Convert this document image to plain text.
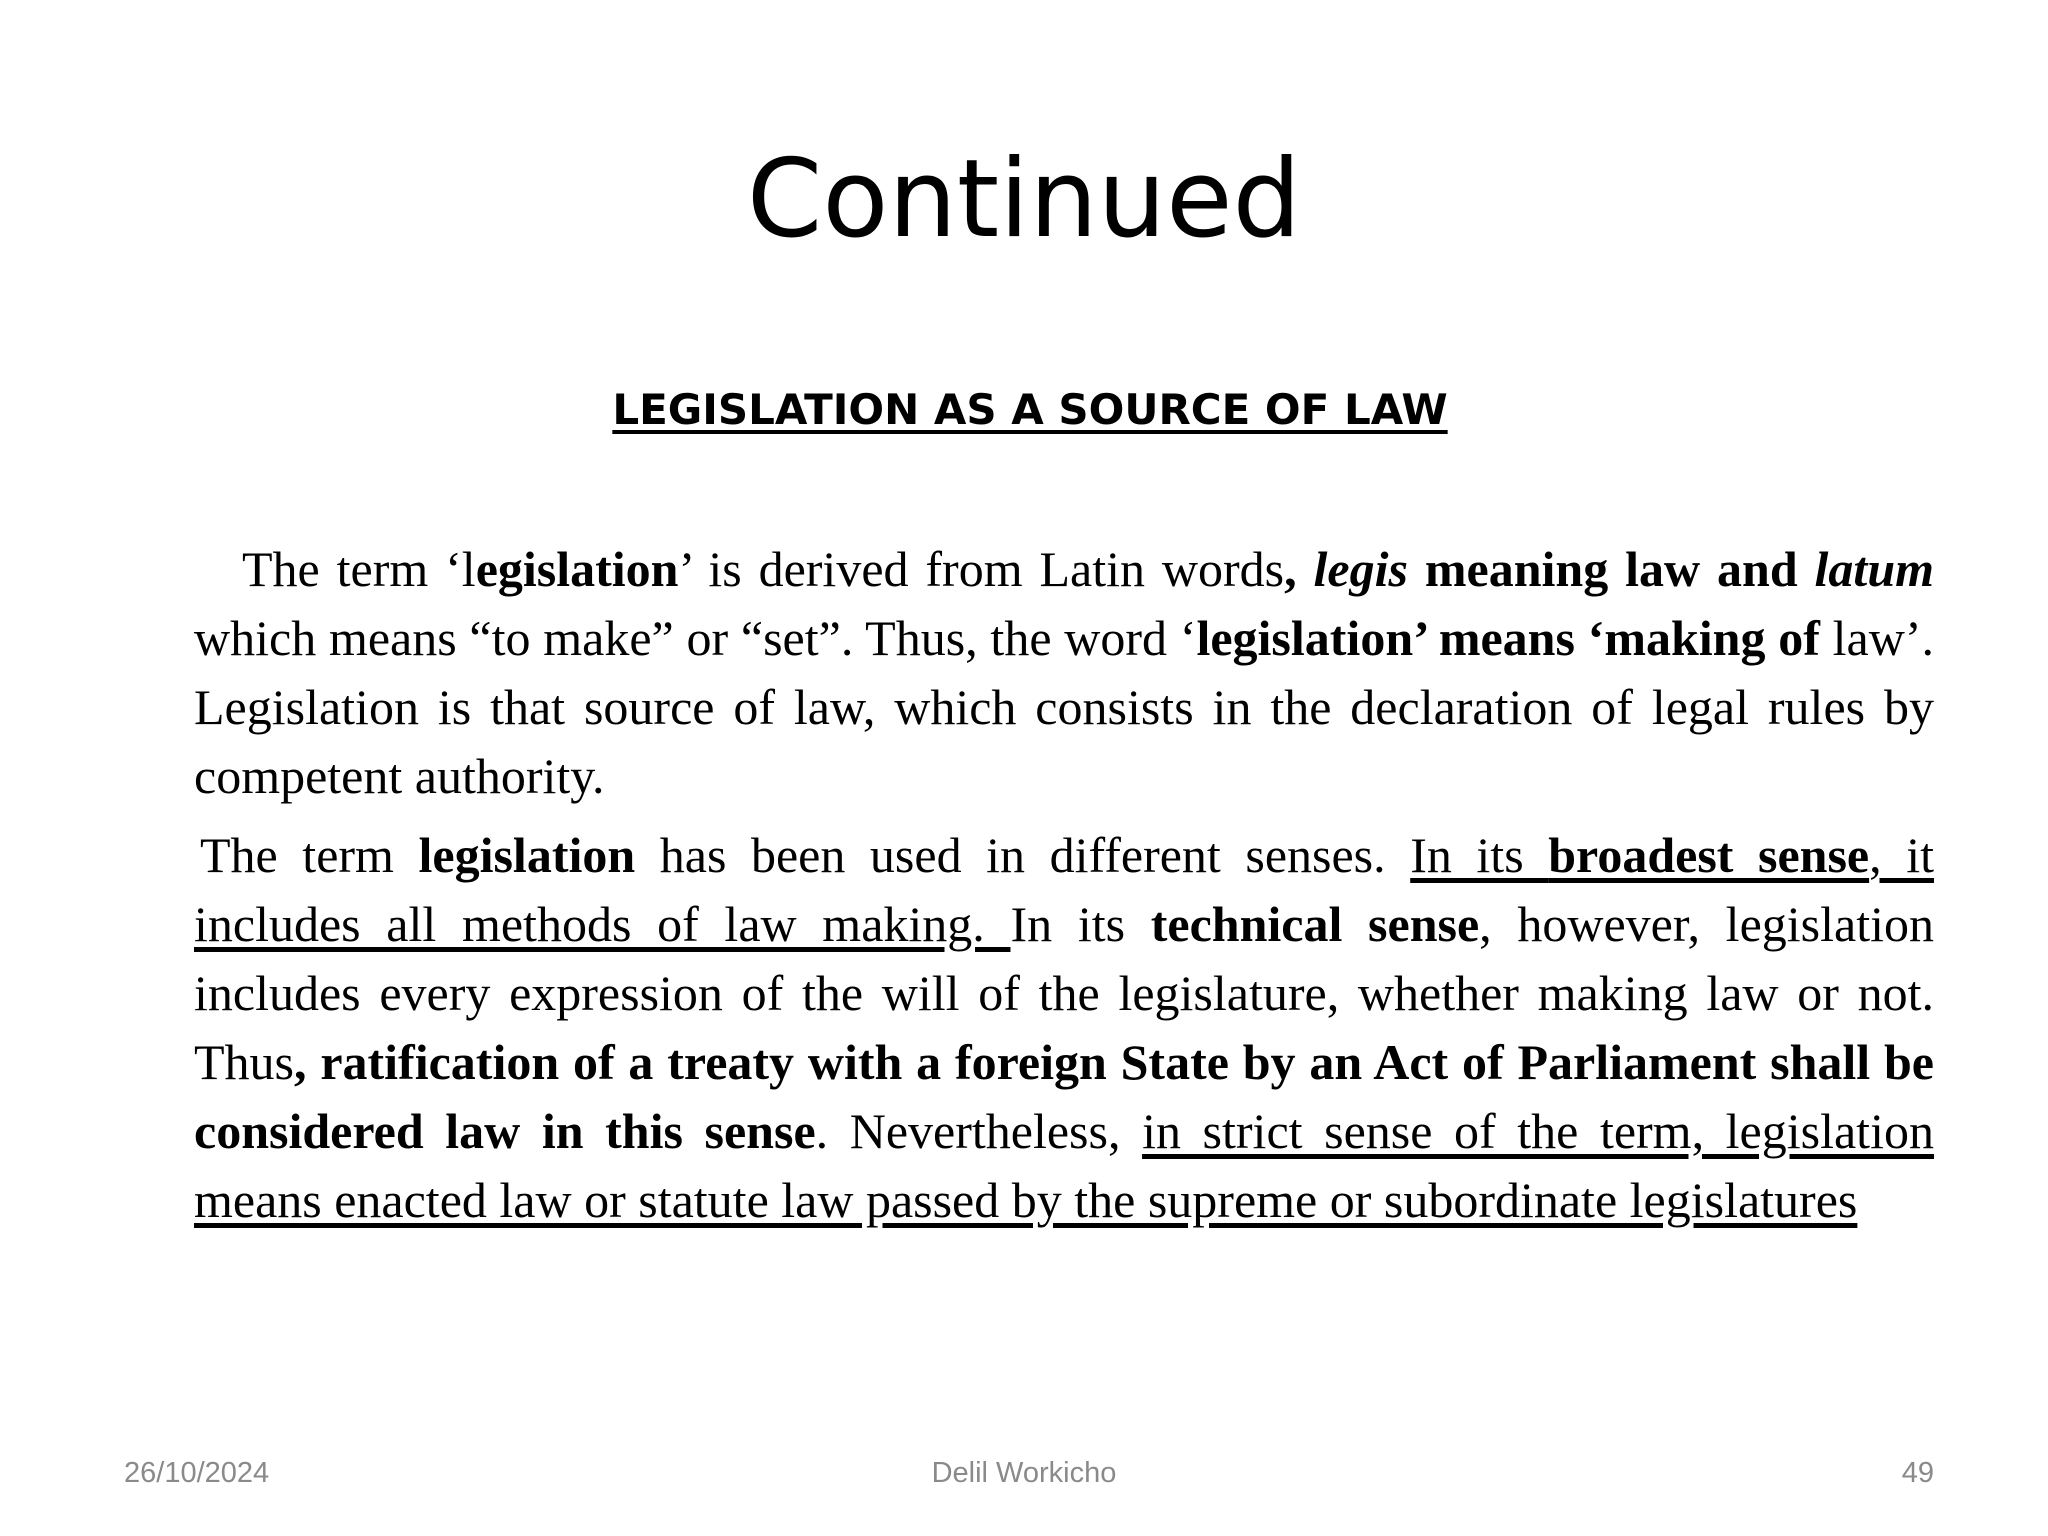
Continued
LEGISLATION AS A SOURCE OF LAW

The term ‘legislation’ is derived from Latin words, legis meaning law and latum which means “to make” or “set”. Thus, the word ‘legislation’ means ‘making of law’. Legislation is that source of law, which consists in the declaration of legal rules by competent authority.

The term legislation has been used in different senses. In its broadest sense, it includes all methods of law making. In its technical sense, however, legislation includes every expression of the will of the legislature, whether making law or not. Thus, ratification of a treaty with a foreign State by an Act of Parliament shall be considered law in this sense. Nevertheless, in strict sense of the term, legislation means enacted law or statute law passed by the supreme or subordinate legislatures

26/10/2024	Delil Workicho	49
